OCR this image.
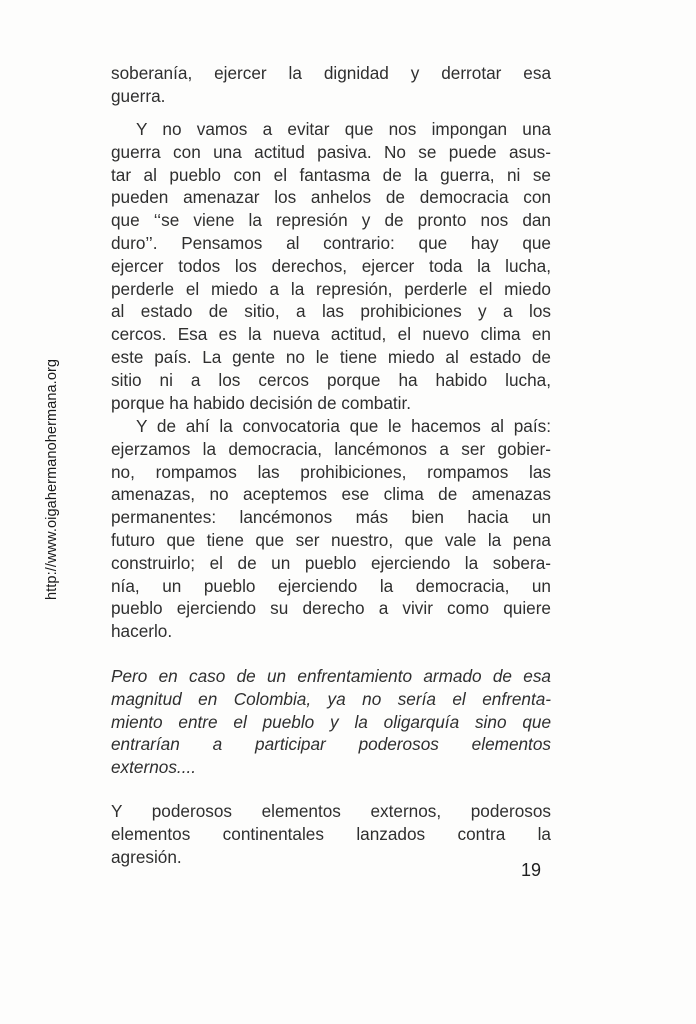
http://www.oigahermanohermana.org
soberanía, ejercer la dignidad y derrotar esa
guerra.
Y no vamos a evitar que nos impongan una
guerra con una actitud pasiva. No se puede asus-
tar al pueblo con el fantasma de la guerra, ni se
pueden amenazar los anhelos de democracia con
que ‘‘se viene la represión y de pronto nos dan
duro’’. Pensamos al contrario: que hay que
ejercer todos los derechos, ejercer toda la lucha,
perderle el miedo a la represión, perderle el miedo
al estado de sitio, a las prohibiciones y a los
cercos. Esa es la nueva actitud, el nuevo clima en
este país. La gente no le tiene miedo al estado de
sitio ni a los cercos porque ha habido lucha,
porque ha habido decisión de combatir.
Y de ahí la convocatoria que le hacemos al país:
ejerzamos la democracia, lancémonos a ser gobier-
no, rompamos las prohibiciones, rompamos las
amenazas, no aceptemos ese clima de amenazas
permanentes: lancémonos más bien hacia un
futuro que tiene que ser nuestro, que vale la pena
construirlo; el de un pueblo ejerciendo la sobera-
nía, un pueblo ejerciendo la democracia, un
pueblo ejerciendo su derecho a vivir como quiere
hacerlo.
Pero en caso de un enfrentamiento armado de esa
magnitud en Colombia, ya no sería el enfrenta-
miento entre el pueblo y la oligarquía sino que
entrarían a participar poderosos elementos
externos....
Y poderosos elementos externos, poderosos
elementos continentales lanzados contra la
agresión.
19
